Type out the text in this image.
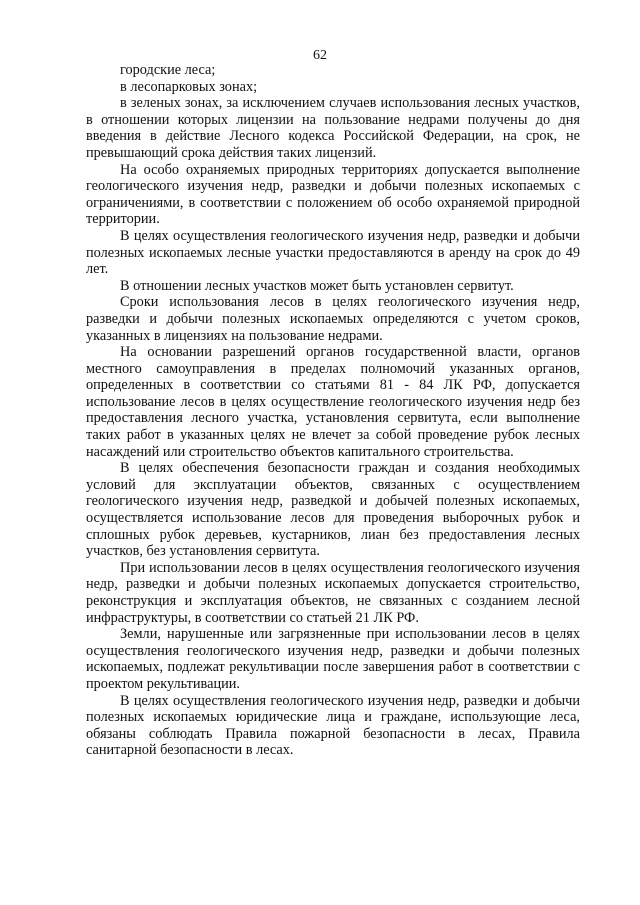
62

городские леса;

в лесопарковых зонах;

в зеленых зонах, за исключением случаев использования лесных участков, в отношении которых лицензии на пользование недрами получены до дня введения в действие Лесного кодекса Российской Федерации, на срок, не превышающий срока действия таких лицензий.

На особо охраняемых природных территориях допускается выполнение геологического изучения недр, разведки и добычи полезных ископаемых с ограничениями, в соответствии с положением об особо охраняемой природной территории.

В целях осуществления геологического изучения недр, разведки и добычи полезных ископаемых лесные участки предоставляются в аренду на срок до 49 лет.

В отношении лесных участков может быть установлен сервитут.

Сроки использования лесов в целях геологического изучения недр, разведки и добычи полезных ископаемых определяются с учетом сроков, указанных в лицензиях на пользование недрами.

На основании разрешений органов государственной власти, органов местного самоуправления в пределах полномочий указанных органов, определенных в соответствии со статьями 81 - 84 ЛК РФ, допускается использование лесов в целях осуществление геологического изучения недр без предоставления лесного участка, установления сервитута, если выполнение таких работ в указанных целях не влечет за собой проведение рубок лесных насаждений или строительство объектов капитального строительства.

В целях обеспечения безопасности граждан и создания необходимых условий для эксплуатации объектов, связанных с осуществлением геологического изучения недр, разведкой и добычей полезных ископаемых, осуществляется использование лесов для проведения выборочных рубок и сплошных рубок деревьев, кустарников, лиан без предоставления лесных участков, без установления сервитута.

При использовании лесов в целях осуществления геологического изучения недр, разведки и добычи полезных ископаемых допускается строительство, реконструкция и эксплуатация объектов, не связанных с созданием лесной инфраструктуры, в соответствии со статьей 21 ЛК РФ.

Земли, нарушенные или загрязненные при использовании лесов в целях осуществления геологического изучения недр, разведки и добычи полезных ископаемых, подлежат рекультивации после завершения работ в соответствии с проектом рекультивации.

В целях осуществления геологического изучения недр, разведки и добычи полезных ископаемых юридические лица и граждане, использующие леса, обязаны соблюдать Правила пожарной безопасности в лесах, Правила санитарной безопасности в лесах.
